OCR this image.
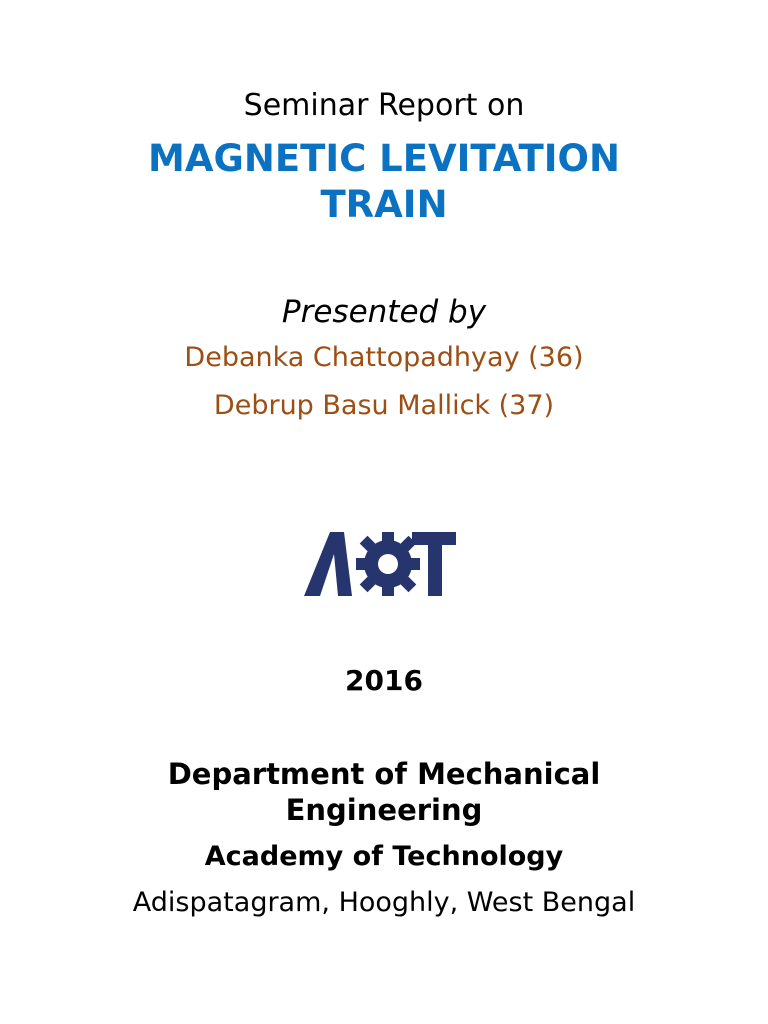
Seminar Report on
MAGNETIC LEVITATION
TRAIN
Presented by
Debanka Chattopadhyay (36)
Debrup Basu Mallick (37)
2016
Department of Mechanical
Engineering
Academy of Technology
Adispatagram, Hooghly, West Bengal
